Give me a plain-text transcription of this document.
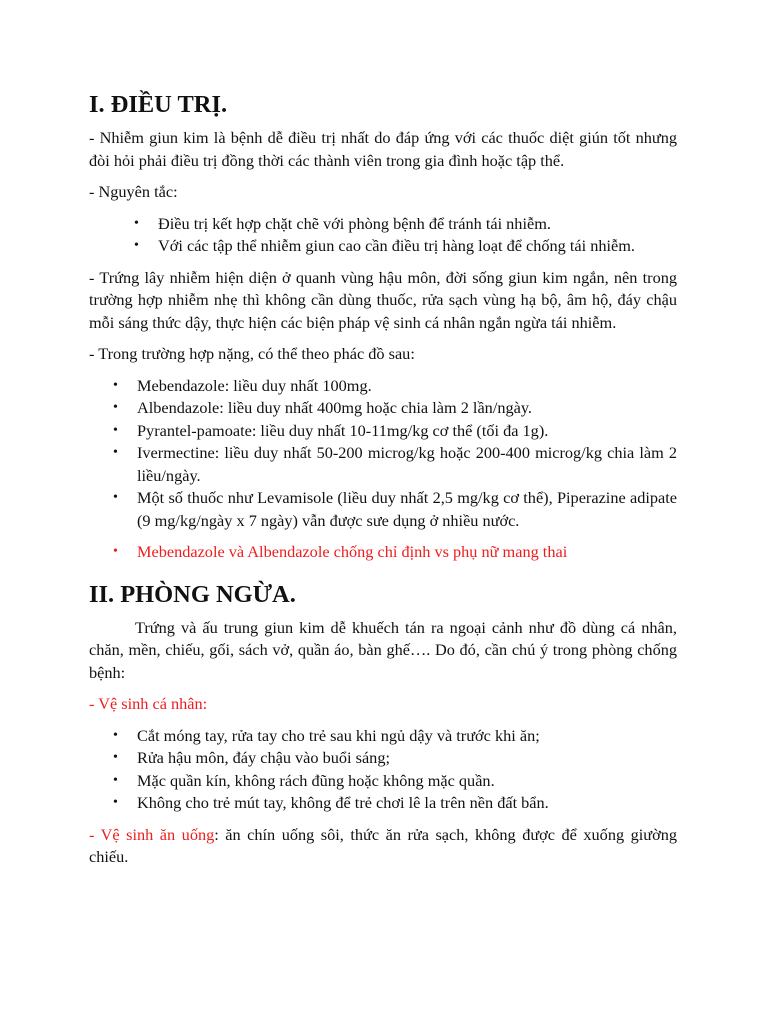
I. ĐIỀU TRỊ.

- Nhiễm giun kim là bệnh dễ điều trị nhất do đáp ứng với các thuốc diệt giún tốt nhưng đòi hỏi phải điều trị đồng thời các thành viên trong gia đình hoặc tập thể.

- Nguyên tắc:

• Điều trị kết hợp chặt chẽ với phòng bệnh để tránh tái nhiễm.
• Với các tập thể nhiễm giun cao cần điều trị hàng loạt để chống tái nhiễm.

- Trứng lây nhiễm hiện diện ở quanh vùng hậu môn, đời sống giun kim ngắn, nên trong trường hợp nhiễm nhẹ thì không cần dùng thuốc, rửa sạch vùng hạ bộ, âm hộ, đáy chậu mỗi sáng thức dậy, thực hiện các biện pháp vệ sinh cá nhân ngắn ngừa tái nhiễm.

- Trong trường hợp nặng, có thể theo phác đồ sau:

• Mebendazole: liều duy nhất 100mg.
• Albendazole: liều duy nhất 400mg hoặc chia làm 2 lần/ngày.
• Pyrantel-pamoate: liều duy nhất 10-11mg/kg cơ thể (tối đa 1g).
• Ivermectine: liều duy nhất 50-200 microg/kg hoặc 200-400 microg/kg chia làm 2 liều/ngày.
• Một số thuốc như Levamisole (liều duy nhất 2,5 mg/kg cơ thể), Piperazine adipate (9 mg/kg/ngày x 7 ngày) vẫn được sưe dụng ở nhiều nước.
• Mebendazole và Albendazole chống chỉ định vs phụ nữ mang thai
II. PHÒNG NGỪA.

Trứng và ấu trung giun kim dễ khuếch tán ra ngoại cảnh như đồ dùng cá nhân, chăn, mền, chiếu, gối, sách vở, quần áo, bàn ghế…. Do đó, cần chú ý trong phòng chống bệnh:

- Vệ sinh cá nhân:

• Cắt móng tay, rửa tay cho trẻ sau khi ngủ dậy và trước khi ăn;
• Rửa hậu môn, đáy chậu vào buổi sáng;
• Mặc quần kín, không rách đũng hoặc không mặc quần.
• Không cho trẻ mút tay, không để trẻ chơi lê la trên nền đất bẩn.

- Vệ sinh ăn uống: ăn chín uống sôi, thức ăn rửa sạch, không được để xuống giường chiếu.
